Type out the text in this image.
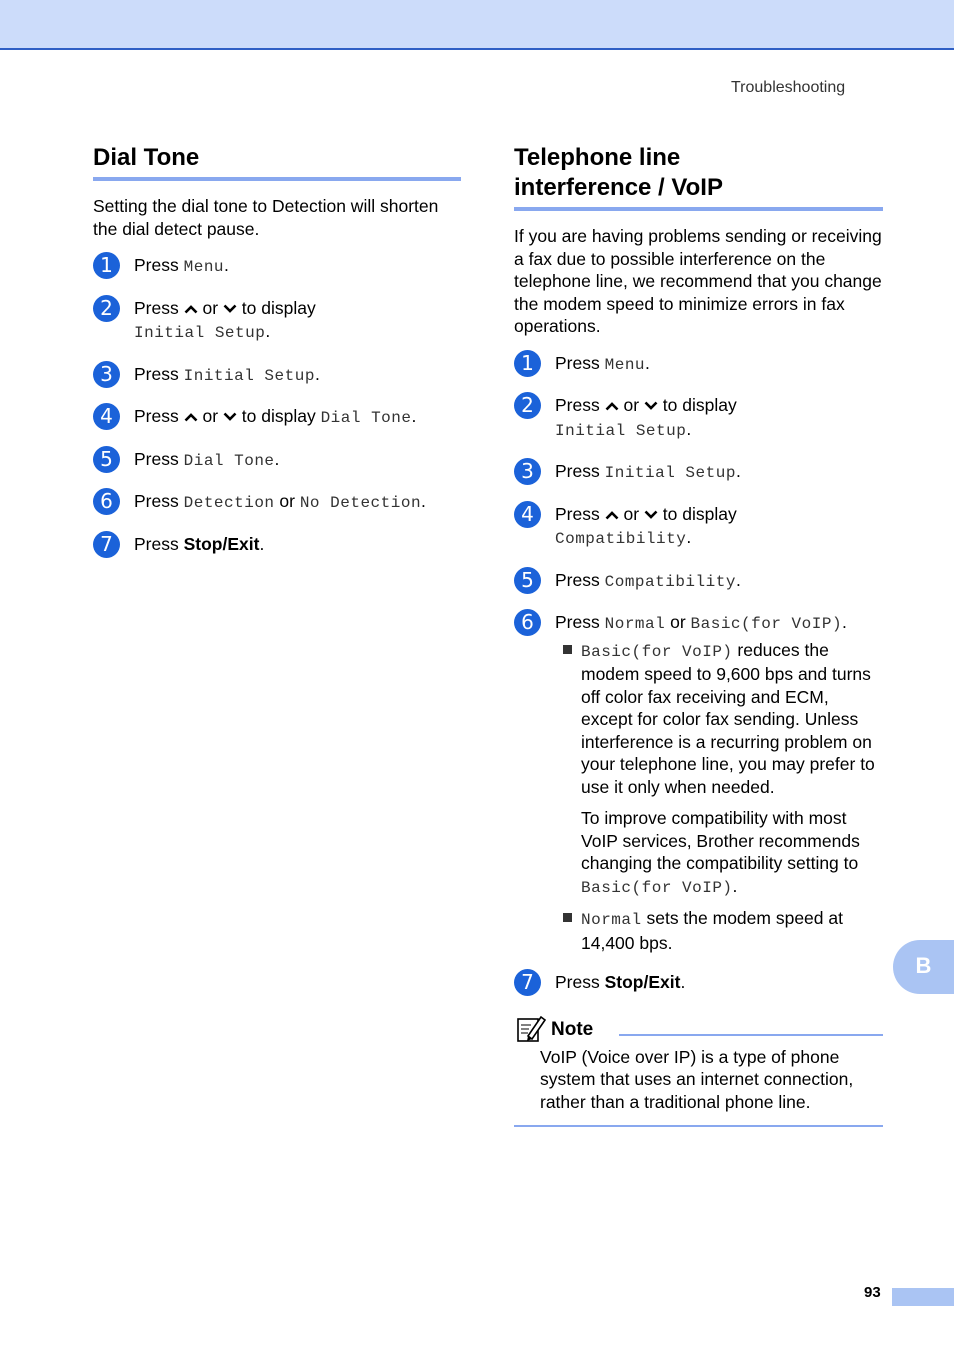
Troubleshooting
Dial Tone

Setting the dial tone to Detection will shorten the dial detect pause.

1	Press Menu.
2	Press
or
to display
Initial Setup.
3	Press Initial Setup.
4	Press
or
to display Dial Tone.
5	Press Dial Tone.
6	Press Detection or No Detection.
7	Press Stop/Exit.
Telephone line
interference / VoIP

If you are having problems sending or receiving a fax due to possible interference on the telephone line, we recommend that you change the modem speed to minimize errors in fax operations.

1	Press Menu.
2	Press
or
to display
Initial Setup.
3	Press Initial Setup.
4	Press
or
to display
Compatibility.
5	Press Compatibility.
6	Press Normal or Basic(for VoIP).
Basic(for VoIP) reduces the modem speed to 9,600 bps and turns off color fax receiving and ECM, except for color fax sending. Unless interference is a recurring problem on your telephone line, you may prefer to use it only when needed.

To improve compatibility with most VoIP services, Brother recommends changing the compatibility setting to Basic(for VoIP).

Normal sets the modem speed at 14,400 bps.
7	Press Stop/Exit.
Note

VoIP (Voice over IP) is a type of phone system that uses an internet connection, rather than a traditional phone line.

B
93
